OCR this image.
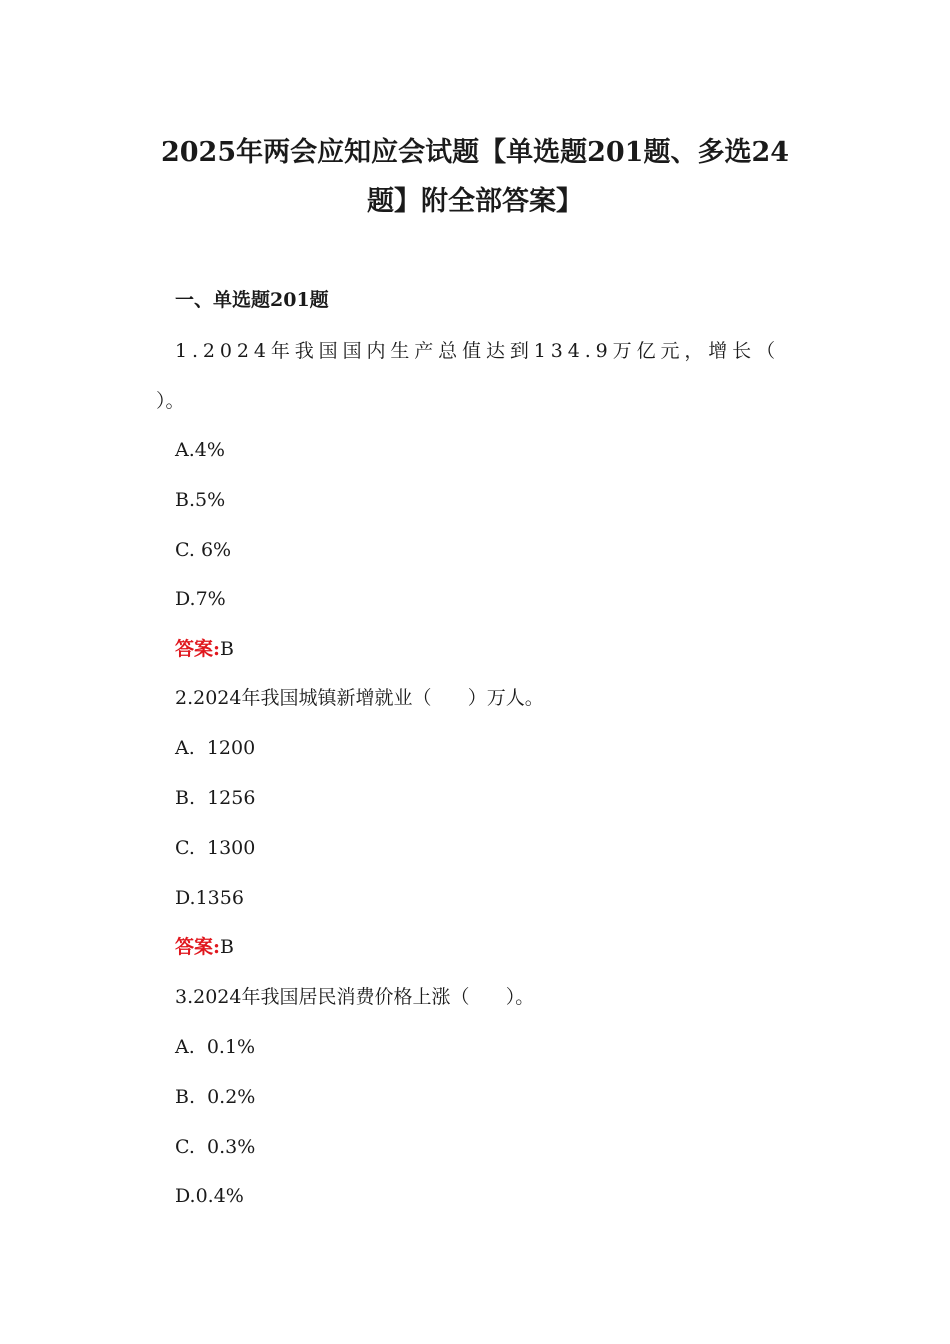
2025年两会应知应会试题【单选题201题、多选24
题】附全部答案】
一、单选题201题
1.2024年我国国内生产总值达到134.9万亿元，增长（
）。
A.4%
B.5%
C. 6%
D.7%
答案:B
2.2024年我国城镇新增就业（      ）万人。
A.  1200
B.  1256
C.  1300
D.1356
答案:B
3.2024年我国居民消费价格上涨（      ）。
A.  0.1%
B.  0.2%
C.  0.3%
D.0.4%
